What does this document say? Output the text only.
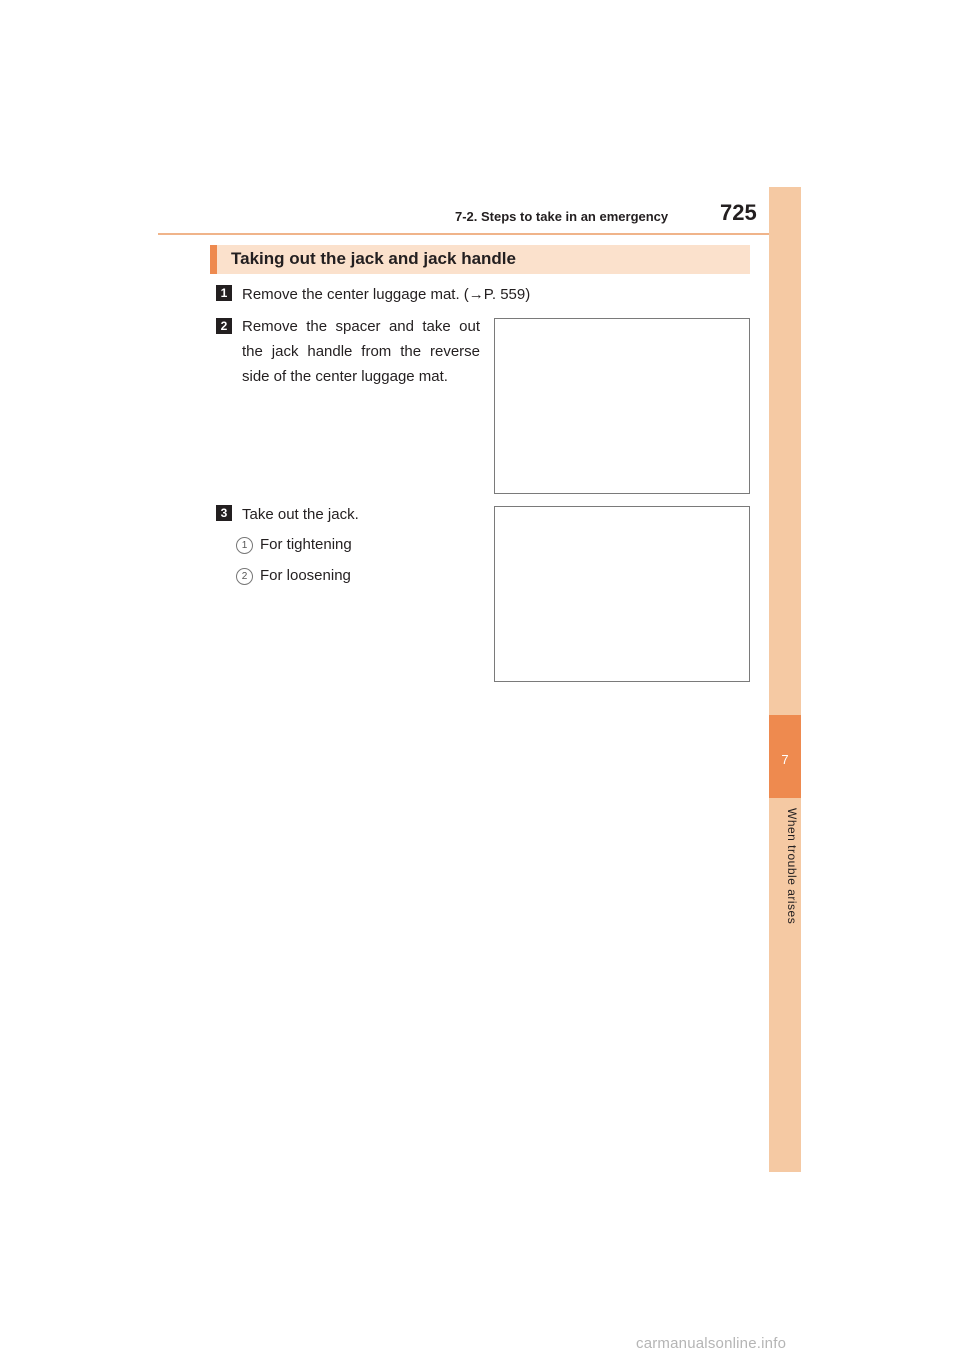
7-2. Steps to take in an emergency 725
7
When trouble arises
Taking out the jack and jack handle
1 Remove the center luggage mat. (→P. 559)
2 Remove the spacer and take out the jack handle from the reverse side of the center luggage mat.
3 Take out the jack.
1 For tightening
2 For loosening
carmanualsonline.info
